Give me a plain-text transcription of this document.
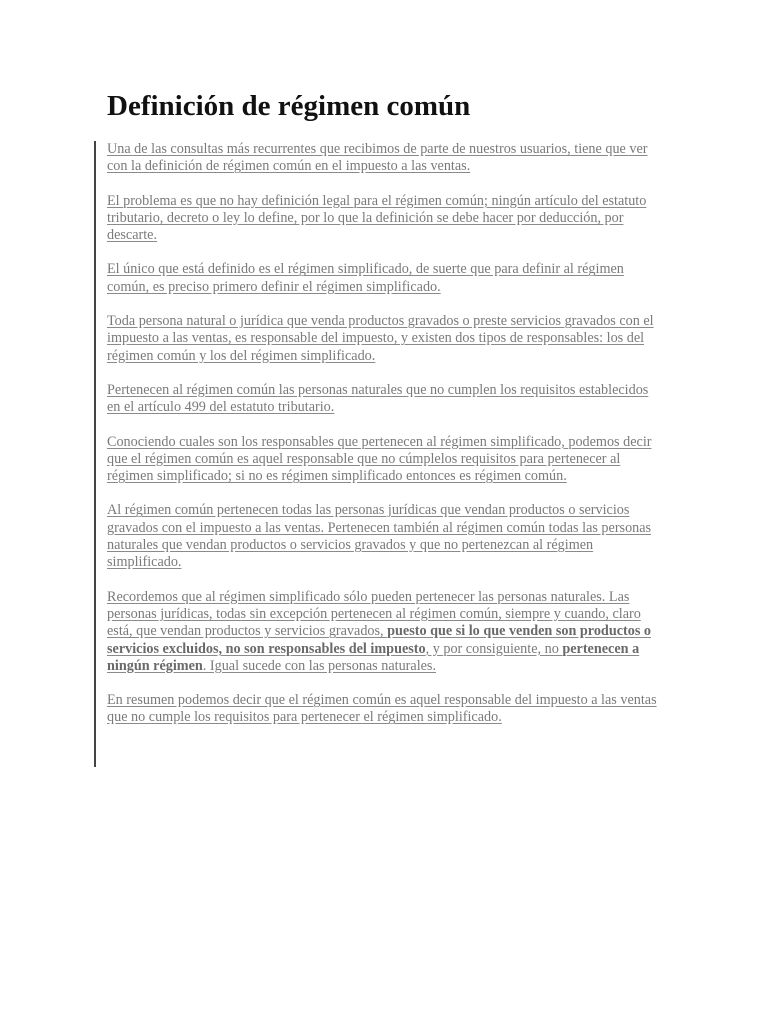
Definición de régimen común

Una de las consultas más recurrentes que recibimos de parte de nuestros usuarios, tiene que ver con la definición de régimen común en el impuesto a las ventas.

El problema es que no hay definición legal para el régimen común; ningún artículo del estatuto tributario, decreto o ley lo define, por lo que la definición se debe hacer por deducción, por descarte.

El único que está definido es el régimen simplificado, de suerte que para definir al régimen común, es preciso primero definir el régimen simplificado.

Toda persona natural o jurídica que venda productos gravados o preste servicios gravados con el impuesto a las ventas, es responsable del impuesto, y existen dos tipos de responsables: los del régimen común y los del régimen simplificado.

Pertenecen al régimen común las personas naturales que no cumplen los requisitos establecidos en el artículo 499 del estatuto tributario.

Conociendo cuales son los responsables que pertenecen al régimen simplificado, podemos decir que el régimen común es aquel responsable que no cúmplelos requisitos para pertenecer al régimen simplificado; si no es régimen simplificado entonces es régimen común.

Al régimen común pertenecen todas las personas jurídicas que vendan productos o servicios gravados con el impuesto a las ventas. Pertenecen también al régimen común todas las personas naturales que vendan productos o servicios gravados y que no pertenezcan al régimen simplificado.

Recordemos que al régimen simplificado sólo pueden pertenecer las personas naturales. Las personas jurídicas, todas sin excepción pertenecen al régimen común, siempre y cuando, claro está, que vendan productos y servicios gravados, puesto que si lo que venden son productos o servicios excluidos, no son responsables del impuesto, y por consiguiente, no pertenecen a ningún régimen. Igual sucede con las personas naturales.

En resumen podemos decir que el régimen común es aquel responsable del impuesto a las ventas que no cumple los requisitos para pertenecer el régimen simplificado.
